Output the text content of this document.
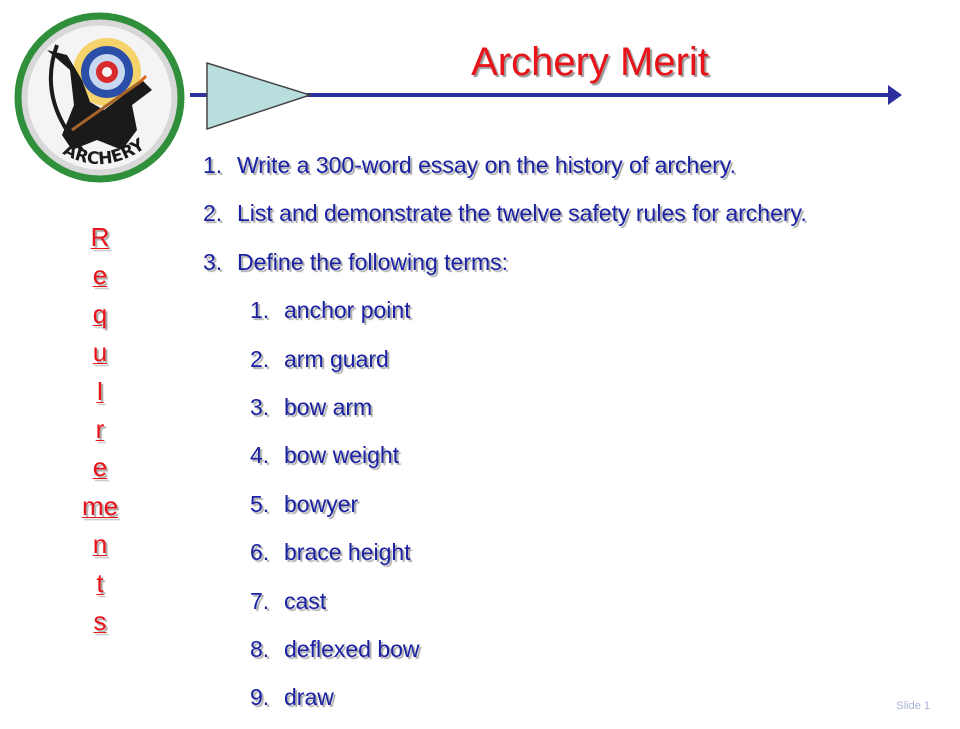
ARCHERY
Archery Merit
R
e
q
u
I
r
e
me
n
t
s
1. Write a 300-word essay on the history of archery.
2. List and demonstrate the twelve safety rules for archery.
3. Define the following terms:
1. anchor point
2. arm guard
3. bow arm
4. bow weight
5. bowyer
6. brace height
7. cast
8. deflexed bow
9. draw	Slide 1
